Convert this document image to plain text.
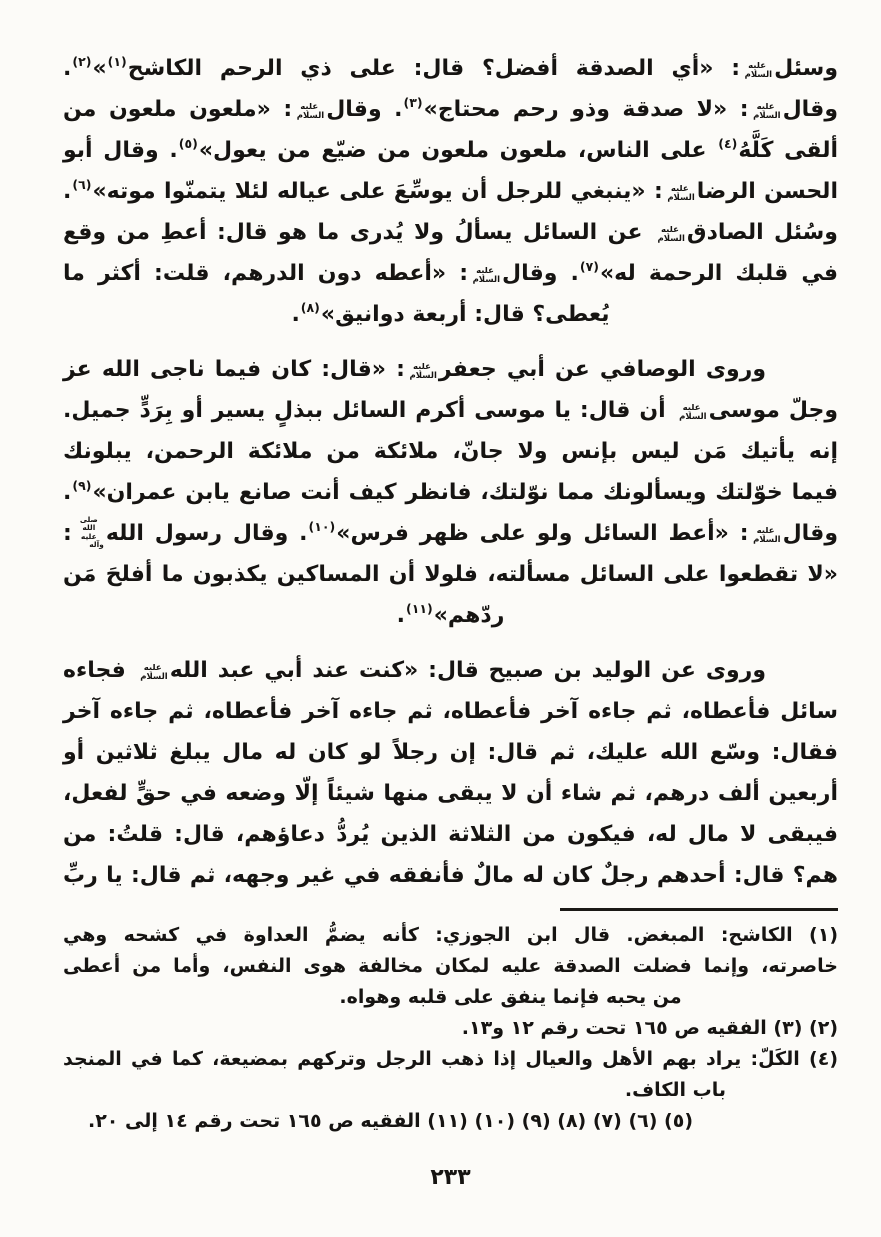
وسئلعليه السلام: «أي الصدقة أفضل؟ قال: على ذي الرحم الكاشح(١)»(٢).
وقالعليه السلام: «لا صدقة وذو رحم محتاج»(٣). وقالعليه السلام: «ملعون ملعون من
ألقى كَلَّهُ(٤) على الناس، ملعون ملعون من ضيّع من يعول»(٥). وقال أبو
الحسن الرضاعليه السلام: «ينبغي للرجل أن يوسِّعَ على عياله لئلا يتمنّوا موته»(٦).
وسُئل الصادقعليه السلام عن السائل يسألُ ولا يُدرى ما هو قال: أعطِ من وقع
في قلبك الرحمة له»(٧). وقالعليه السلام: «أعطه دون الدرهم، قلت: أكثر ما
يُعطى؟ قال: أربعة دوانيق»(٨).

وروى الوصافي عن أبي جعفرعليه السلام: «قال: كان فيما ناجى الله عز
وجلّ موسىعليه السلام أن قال: يا موسى أكرم السائل ببذلٍ يسير أو بِرَدٍّ جميل.
إنه يأتيك مَن ليس بإنس ولا جانّ، ملائكة من ملائكة الرحمن، يبلونك
فيما خوّلتك ويسألونك مما نوّلتك، فانظر كيف أنت صانع يابن عمران»(٩).
وقالعليه السلام: «أعط السائل ولو على ظهر فرس»(١٠). وقال رسول اللهصلى الله عليه وآله:
«لا تقطعوا على السائل مسألته، فلولا أن المساكين يكذبون ما أفلحَ مَن
ردّهم»(١١).

وروى عن الوليد بن صبيح قال: «كنت عند أبي عبد اللهعليه السلام فجاءه
سائل فأعطاه، ثم جاءه آخر فأعطاه، ثم جاءه آخر فأعطاه، ثم جاءه آخر
فقال: وسّع الله عليك، ثم قال: إن رجلاً لو كان له مال يبلغ ثلاثين أو
أربعين ألف درهم، ثم شاء أن لا يبقى منها شيئاً إلّا وضعه في حقٍّ لفعل،
فيبقى لا مال له، فيكون من الثلاثة الذين يُردُّ دعاؤهم، قال: قلتُ: من
هم؟ قال: أحدهم رجلٌ كان له مالٌ فأنفقه في غير وجهه، ثم قال: يا ربِّ

(١) الكاشح: المبغض. قال ابن الجوزي: كأنه يضمُّ العداوة في كشحه وهي
خاصرته، وإنما فضلت الصدقة عليه لمكان مخالفة هوى النفس، وأما من أعطى
من يحبه فإنما ينفق على قلبه وهواه.
(٢) (٣) الفقيه ص ١٦٥ تحت رقم ١٢ و١٣.
(٤) الكَلّ: يراد بهم الأهل والعيال إذا ذهب الرجل وتركهم بمضيعة، كما في المنجد
باب الكاف.
(٥) (٦) (٧) (٨) (٩) (١٠) (١١) الفقيه ص ١٦٥ تحت رقم ١٤ إلى ٢٠.
٢٣٣
